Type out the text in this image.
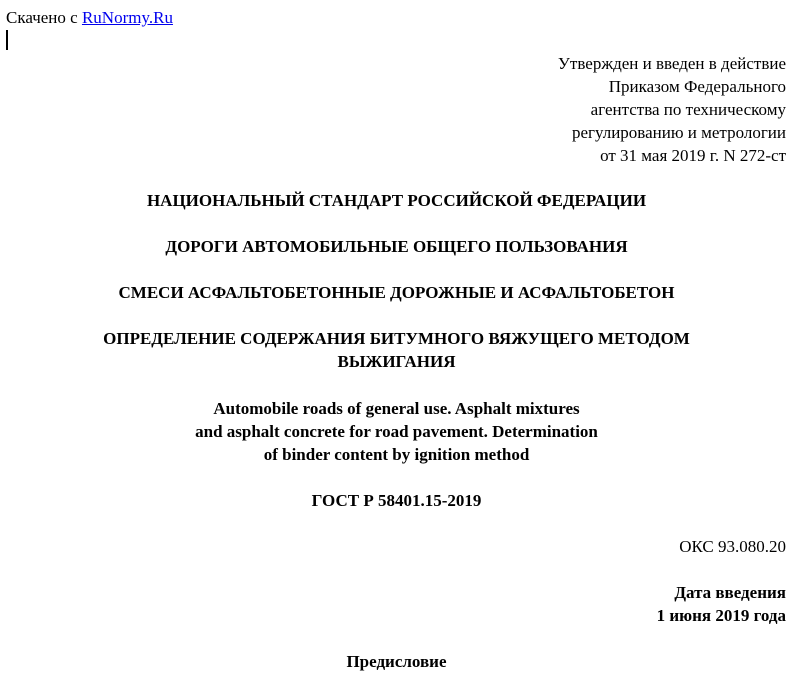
Скачено с RuNormy.Ru
Утвержден и введен в действие
Приказом Федерального
агентства по техническому
регулированию и метрологии
от 31 мая 2019 г. N 272-ст
НАЦИОНАЛЬНЫЙ СТАНДАРТ РОССИЙСКОЙ ФЕДЕРАЦИИ
ДОРОГИ АВТОМОБИЛЬНЫЕ ОБЩЕГО ПОЛЬЗОВАНИЯ
СМЕСИ АСФАЛЬТОБЕТОННЫЕ ДОРОЖНЫЕ И АСФАЛЬТОБЕТОН
ОПРЕДЕЛЕНИЕ СОДЕРЖАНИЯ БИТУМНОГО ВЯЖУЩЕГО МЕТОДОМ
ВЫЖИГАНИЯ
Automobile roads of general use. Asphalt mixtures
and asphalt concrete for road pavement. Determination
of binder content by ignition method
ГОСТ Р 58401.15-2019
ОКС 93.080.20
Дата введения
1 июня 2019 года
Предисловие
